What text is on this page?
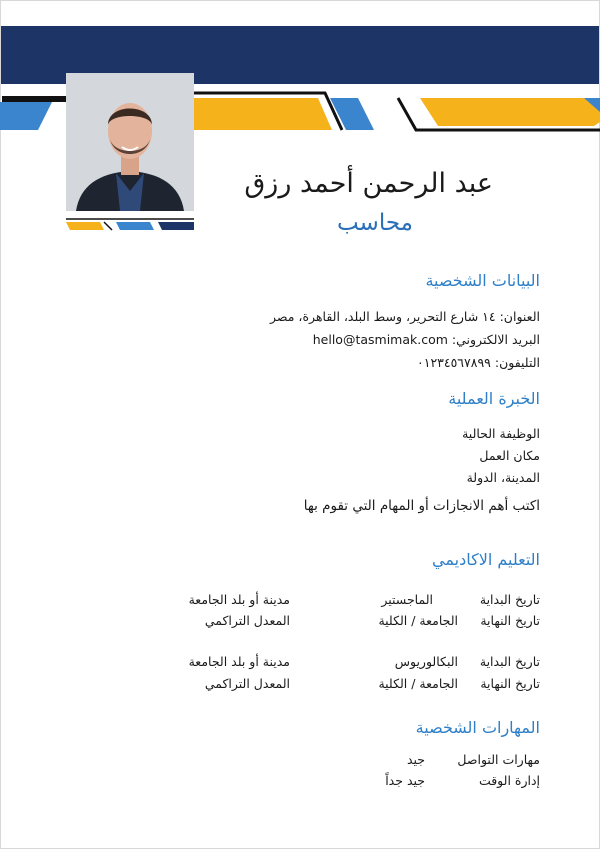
عبد الرحمن أحمد رزق
محاسب
البيانات الشخصية
العنوان: ١٤ شارع التحرير، وسط البلد، القاهرة، مصر
البريد الالكتروني: hello@tasmimak.com
التليفون: ٠١٢٣٤٥٦٧٨٩٩
الخبرة العملية
الوظيفة الحالية
مكان العمل
المدينة، الدولة
اكتب أهم الانجازات أو المهام التي تقوم بها
التعليم الاكاديمي
تاريخ البداية
الماجستير
مدينة أو بلد الجامعة
تاريخ النهاية
الجامعة / الكلية
المعدل التراكمي
تاريخ البداية
البكالوريوس
مدينة أو بلد الجامعة
تاريخ النهاية
الجامعة / الكلية
المعدل التراكمي
المهارات الشخصية
مهارات التواصل
جيد
إدارة الوقت
جيد جداً
